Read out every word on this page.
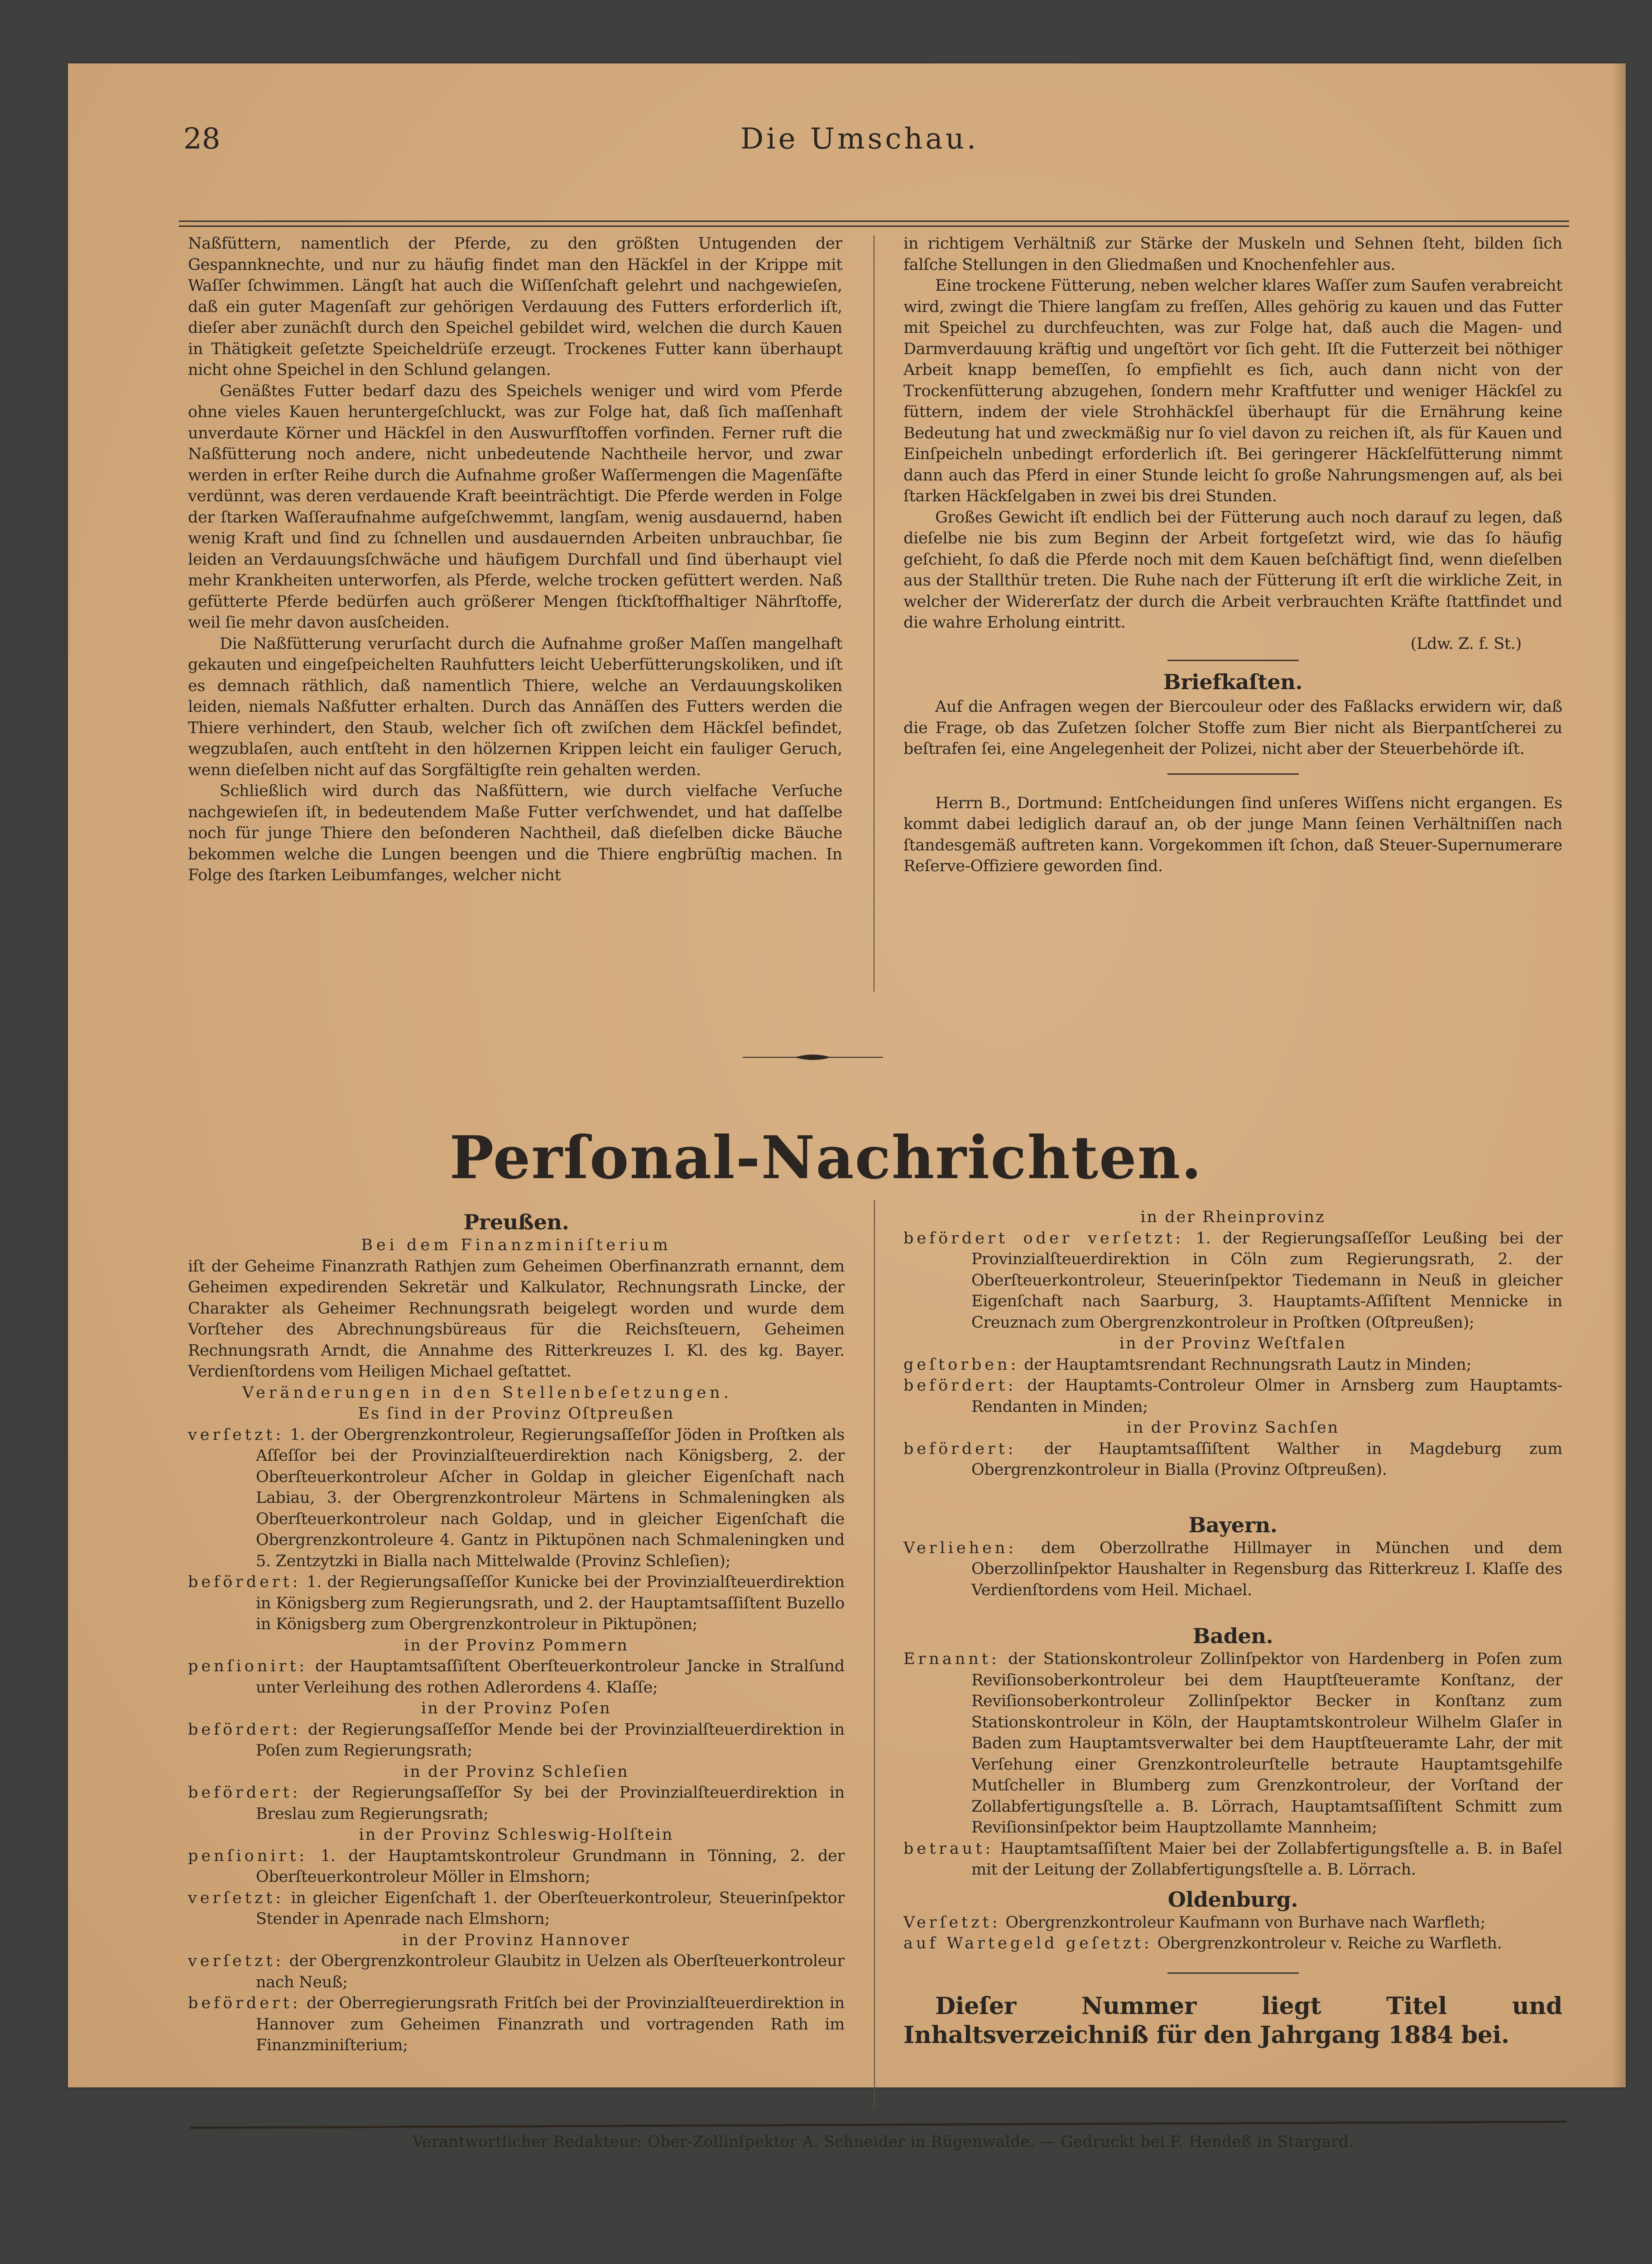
28	Die Umschau.

Naßfüttern, namentlich der Pferde, zu den größten Untugenden der Gespannknechte, und nur zu häufig findet man den Häckſel in der Krippe mit Waſſer ſchwimmen. Längſt hat auch die Wiſſenſchaft gelehrt und nachgewieſen, daß ein guter Magenſaft zur gehörigen Verdauung des Futters erforderlich iſt, dieſer aber zunächſt durch den Speichel gebildet wird, welchen die durch Kauen in Thätigkeit geſetzte Speicheldrüſe erzeugt. Trockenes Futter kann überhaupt nicht ohne Speichel in den Schlund gelangen.

Genäßtes Futter bedarf dazu des Speichels weniger und wird vom Pferde ohne vieles Kauen heruntergeſchluckt, was zur Folge hat, daß ſich maſſenhaft unverdaute Körner und Häckſel in den Auswurfſtoffen vorfinden. Ferner ruft die Naßfütterung noch andere, nicht unbedeutende Nachtheile hervor, und zwar werden in erſter Reihe durch die Aufnahme großer Waſſermengen die Magenſäfte verdünnt, was deren verdauende Kraft beeinträchtigt. Die Pferde werden in Folge der ſtarken Waſſeraufnahme aufgeſchwemmt, langſam, wenig ausdauernd, haben wenig Kraft und ſind zu ſchnellen und ausdauernden Arbeiten unbrauchbar, ſie leiden an Verdauungsſchwäche und häufigem Durchfall und ſind überhaupt viel mehr Krankheiten unterworfen, als Pferde, welche trocken gefüttert werden. Naß gefütterte Pferde bedürfen auch größerer Mengen ſtickſtoffhaltiger Nährſtoffe, weil ſie mehr davon ausſcheiden.

Die Naßfütterung verurſacht durch die Aufnahme großer Maſſen mangelhaft gekauten und eingeſpeichelten Rauhfutters leicht Ueberfütterungskoliken, und iſt es demnach räthlich, daß namentlich Thiere, welche an Verdauungskoliken leiden, niemals Naßfutter erhalten. Durch das Annäſſen des Futters werden die Thiere verhindert, den Staub, welcher ſich oft zwiſchen dem Häckſel befindet, wegzublaſen, auch entſteht in den hölzernen Krippen leicht ein fauliger Geruch, wenn dieſelben nicht auf das Sorgfältigſte rein gehalten werden.

Schließlich wird durch das Naßfüttern, wie durch vielfache Verſuche nachgewieſen iſt, in bedeutendem Maße Futter verſchwendet, und hat daſſelbe noch für junge Thiere den beſonderen Nachtheil, daß dieſelben dicke Bäuche bekommen welche die Lungen beengen und die Thiere engbrüſtig machen. In Folge des ſtarken Leibumfanges, welcher nicht

in richtigem Verhältniß zur Stärke der Muskeln und Sehnen ſteht, bilden ſich falſche Stellungen in den Gliedmaßen und Knochenfehler aus.

Eine trockene Fütterung, neben welcher klares Waſſer zum Saufen verabreicht wird, zwingt die Thiere langſam zu freſſen, Alles gehörig zu kauen und das Futter mit Speichel zu durchfeuchten, was zur Folge hat, daß auch die Magen- und Darmverdauung kräftig und ungeſtört vor ſich geht. Iſt die Futterzeit bei nöthiger Arbeit knapp bemeſſen, ſo empfiehlt es ſich, auch dann nicht von der Trockenfütterung abzugehen, ſondern mehr Kraftfutter und weniger Häckſel zu füttern, indem der viele Strohhäckſel überhaupt für die Ernährung keine Bedeutung hat und zweckmäßig nur ſo viel davon zu reichen iſt, als für Kauen und Einſpeicheln unbedingt erforderlich iſt. Bei geringerer Häckſelfütterung nimmt dann auch das Pferd in einer Stunde leicht ſo große Nahrungsmengen auf, als bei ſtarken Häckſelgaben in zwei bis drei Stunden.

Großes Gewicht iſt endlich bei der Fütterung auch noch darauf zu legen, daß dieſelbe nie bis zum Beginn der Arbeit fortgeſetzt wird, wie das ſo häufig geſchieht, ſo daß die Pferde noch mit dem Kauen beſchäftigt ſind, wenn dieſelben aus der Stallthür treten. Die Ruhe nach der Fütterung iſt erſt die wirkliche Zeit, in welcher der Widererſatz der durch die Arbeit verbrauchten Kräfte ſtattfindet und die wahre Erholung eintritt.

(Ldw. Z. f. St.)

Briefkaſten.

Auf die Anfragen wegen der Biercouleur oder des Faßlacks erwidern wir, daß die Frage, ob das Zuſetzen ſolcher Stoffe zum Bier nicht als Bierpantſcherei zu beſtrafen ſei, eine Angelegenheit der Polizei, nicht aber der Steuerbehörde iſt.

Herrn B., Dortmund: Entſcheidungen ſind unſeres Wiſſens nicht ergangen. Es kommt dabei lediglich darauf an, ob der junge Mann ſeinen Verhältniſſen nach ſtandesgemäß auftreten kann. Vorgekommen iſt ſchon, daß Steuer-Supernumerare Reſerve-Offiziere geworden ſind.

Perſonal-Nachrichten.
Preußen.

Bei dem Finanzminiſterium

iſt der Geheime Finanzrath Rathjen zum Geheimen Oberfinanzrath ernannt, dem Geheimen expedirenden Sekretär und Kalkulator, Rechnungsrath Lincke, der Charakter als Geheimer Rechnungsrath beigelegt worden und wurde dem Vorſteher des Abrechnungsbüreaus für die Reichsſteuern, Geheimen Rechnungsrath Arndt, die Annahme des Ritterkreuzes I. Kl. des kg. Bayer. Verdienſtordens vom Heiligen Michael geſtattet.

Veränderungen in den Stellenbeſetzungen.

Es ſind in der Provinz Oſtpreußen

verſetzt: 1. der Obergrenzkontroleur, Regierungsaſſeſſor Jöden in Proſtken als Aſſeſſor bei der Provinzialſteuerdirektion nach Königsberg, 2. der Oberſteuerkontroleur Aſcher in Goldap in gleicher Eigenſchaft nach Labiau, 3. der Obergrenzkontroleur Märtens in Schmaleningken als Oberſteuerkontroleur nach Goldap, und in gleicher Eigenſchaft die Obergrenzkontroleure 4. Gantz in Piktupönen nach Schmaleningken und 5. Zentzytzki in Bialla nach Mittelwalde (Provinz Schleſien);

befördert: 1. der Regierungsaſſeſſor Kunicke bei der Provinzialſteuerdirektion in Königsberg zum Regierungsrath, und 2. der Hauptamtsaſſiſtent Buzello in Königsberg zum Obergrenzkontroleur in Piktupönen;

in der Provinz Pommern

penſionirt: der Hauptamtsaſſiſtent Oberſteuerkontroleur Jancke in Stralſund unter Verleihung des rothen Adlerordens 4. Klaſſe;

in der Provinz Poſen

befördert: der Regierungsaſſeſſor Mende bei der Provinzialſteuerdirektion in Poſen zum Regierungsrath;

in der Provinz Schleſien

befördert: der Regierungsaſſeſſor Sy bei der Provinzialſteuerdirektion in Breslau zum Regierungsrath;

in der Provinz Schleswig-Holſtein

penſionirt: 1. der Hauptamtskontroleur Grundmann in Tönning, 2. der Oberſteuerkontroleur Möller in Elmshorn;

verſetzt: in gleicher Eigenſchaft 1. der Oberſteuerkontroleur, Steuerinſpektor Stender in Apenrade nach Elmshorn;

in der Provinz Hannover

verſetzt: der Obergrenzkontroleur Glaubitz in Uelzen als Oberſteuerkontroleur nach Neuß;

befördert: der Oberregierungsrath Fritſch bei der Provinzialſteuerdirektion in Hannover zum Geheimen Finanzrath und vortragenden Rath im Finanzminiſterium;

in der Rheinprovinz

befördert oder verſetzt: 1. der Regierungsaſſeſſor Leußing bei der Provinzialſteuerdirektion in Cöln zum Regierungsrath, 2. der Oberſteuerkontroleur, Steuerinſpektor Tiedemann in Neuß in gleicher Eigenſchaft nach Saarburg, 3. Hauptamts-Aſſiſtent Mennicke in Creuznach zum Obergrenzkontroleur in Proſtken (Oſtpreußen);

in der Provinz Weſtfalen

geſtorben: der Hauptamtsrendant Rechnungsrath Lautz in Minden;

befördert: der Hauptamts-Controleur Olmer in Arnsberg zum Hauptamts-Rendanten in Minden;

in der Provinz Sachſen

befördert: der Hauptamtsaſſiſtent Walther in Magdeburg zum Obergrenzkontroleur in Bialla (Provinz Oſtpreußen).

Bayern.

Verliehen: dem Oberzollrathe Hillmayer in München und dem Oberzollinſpektor Haushalter in Regensburg das Ritterkreuz I. Klaſſe des Verdienſtordens vom Heil. Michael.

Baden.

Ernannt: der Stationskontroleur Zollinſpektor von Hardenberg in Poſen zum Reviſionsoberkontroleur bei dem Hauptſteueramte Konſtanz, der Reviſionsoberkontroleur Zollinſpektor Becker in Konſtanz zum Stationskontroleur in Köln, der Hauptamtskontroleur Wilhelm Glaſer in Baden zum Hauptamtsverwalter bei dem Hauptſteueramte Lahr, der mit Verſehung einer Grenzkontroleurſtelle betraute Hauptamtsgehilfe Mutſcheller in Blumberg zum Grenzkontroleur, der Vorſtand der Zollabfertigungsſtelle a. B. Lörrach, Hauptamtsaſſiſtent Schmitt zum Reviſionsinſpektor beim Hauptzollamte Mannheim;

betraut: Hauptamtsaſſiſtent Maier bei der Zollabfertigungsſtelle a. B. in Baſel mit der Leitung der Zollabfertigungsſtelle a. B. Lörrach.

Oldenburg.

Verſetzt: Obergrenzkontroleur Kaufmann von Burhave nach Warfleth;

auf Wartegeld geſetzt: Obergrenzkontroleur v. Reiche zu Warfleth.

Dieſer Nummer liegt Titel und Inhaltsverzeichniß für den Jahrgang 1884 bei.

Verantwortlicher Redakteur: Ober-Zollinſpektor A. Schneider in Rügenwalde. — Gedruckt bei F. Hendeß in Stargard.
